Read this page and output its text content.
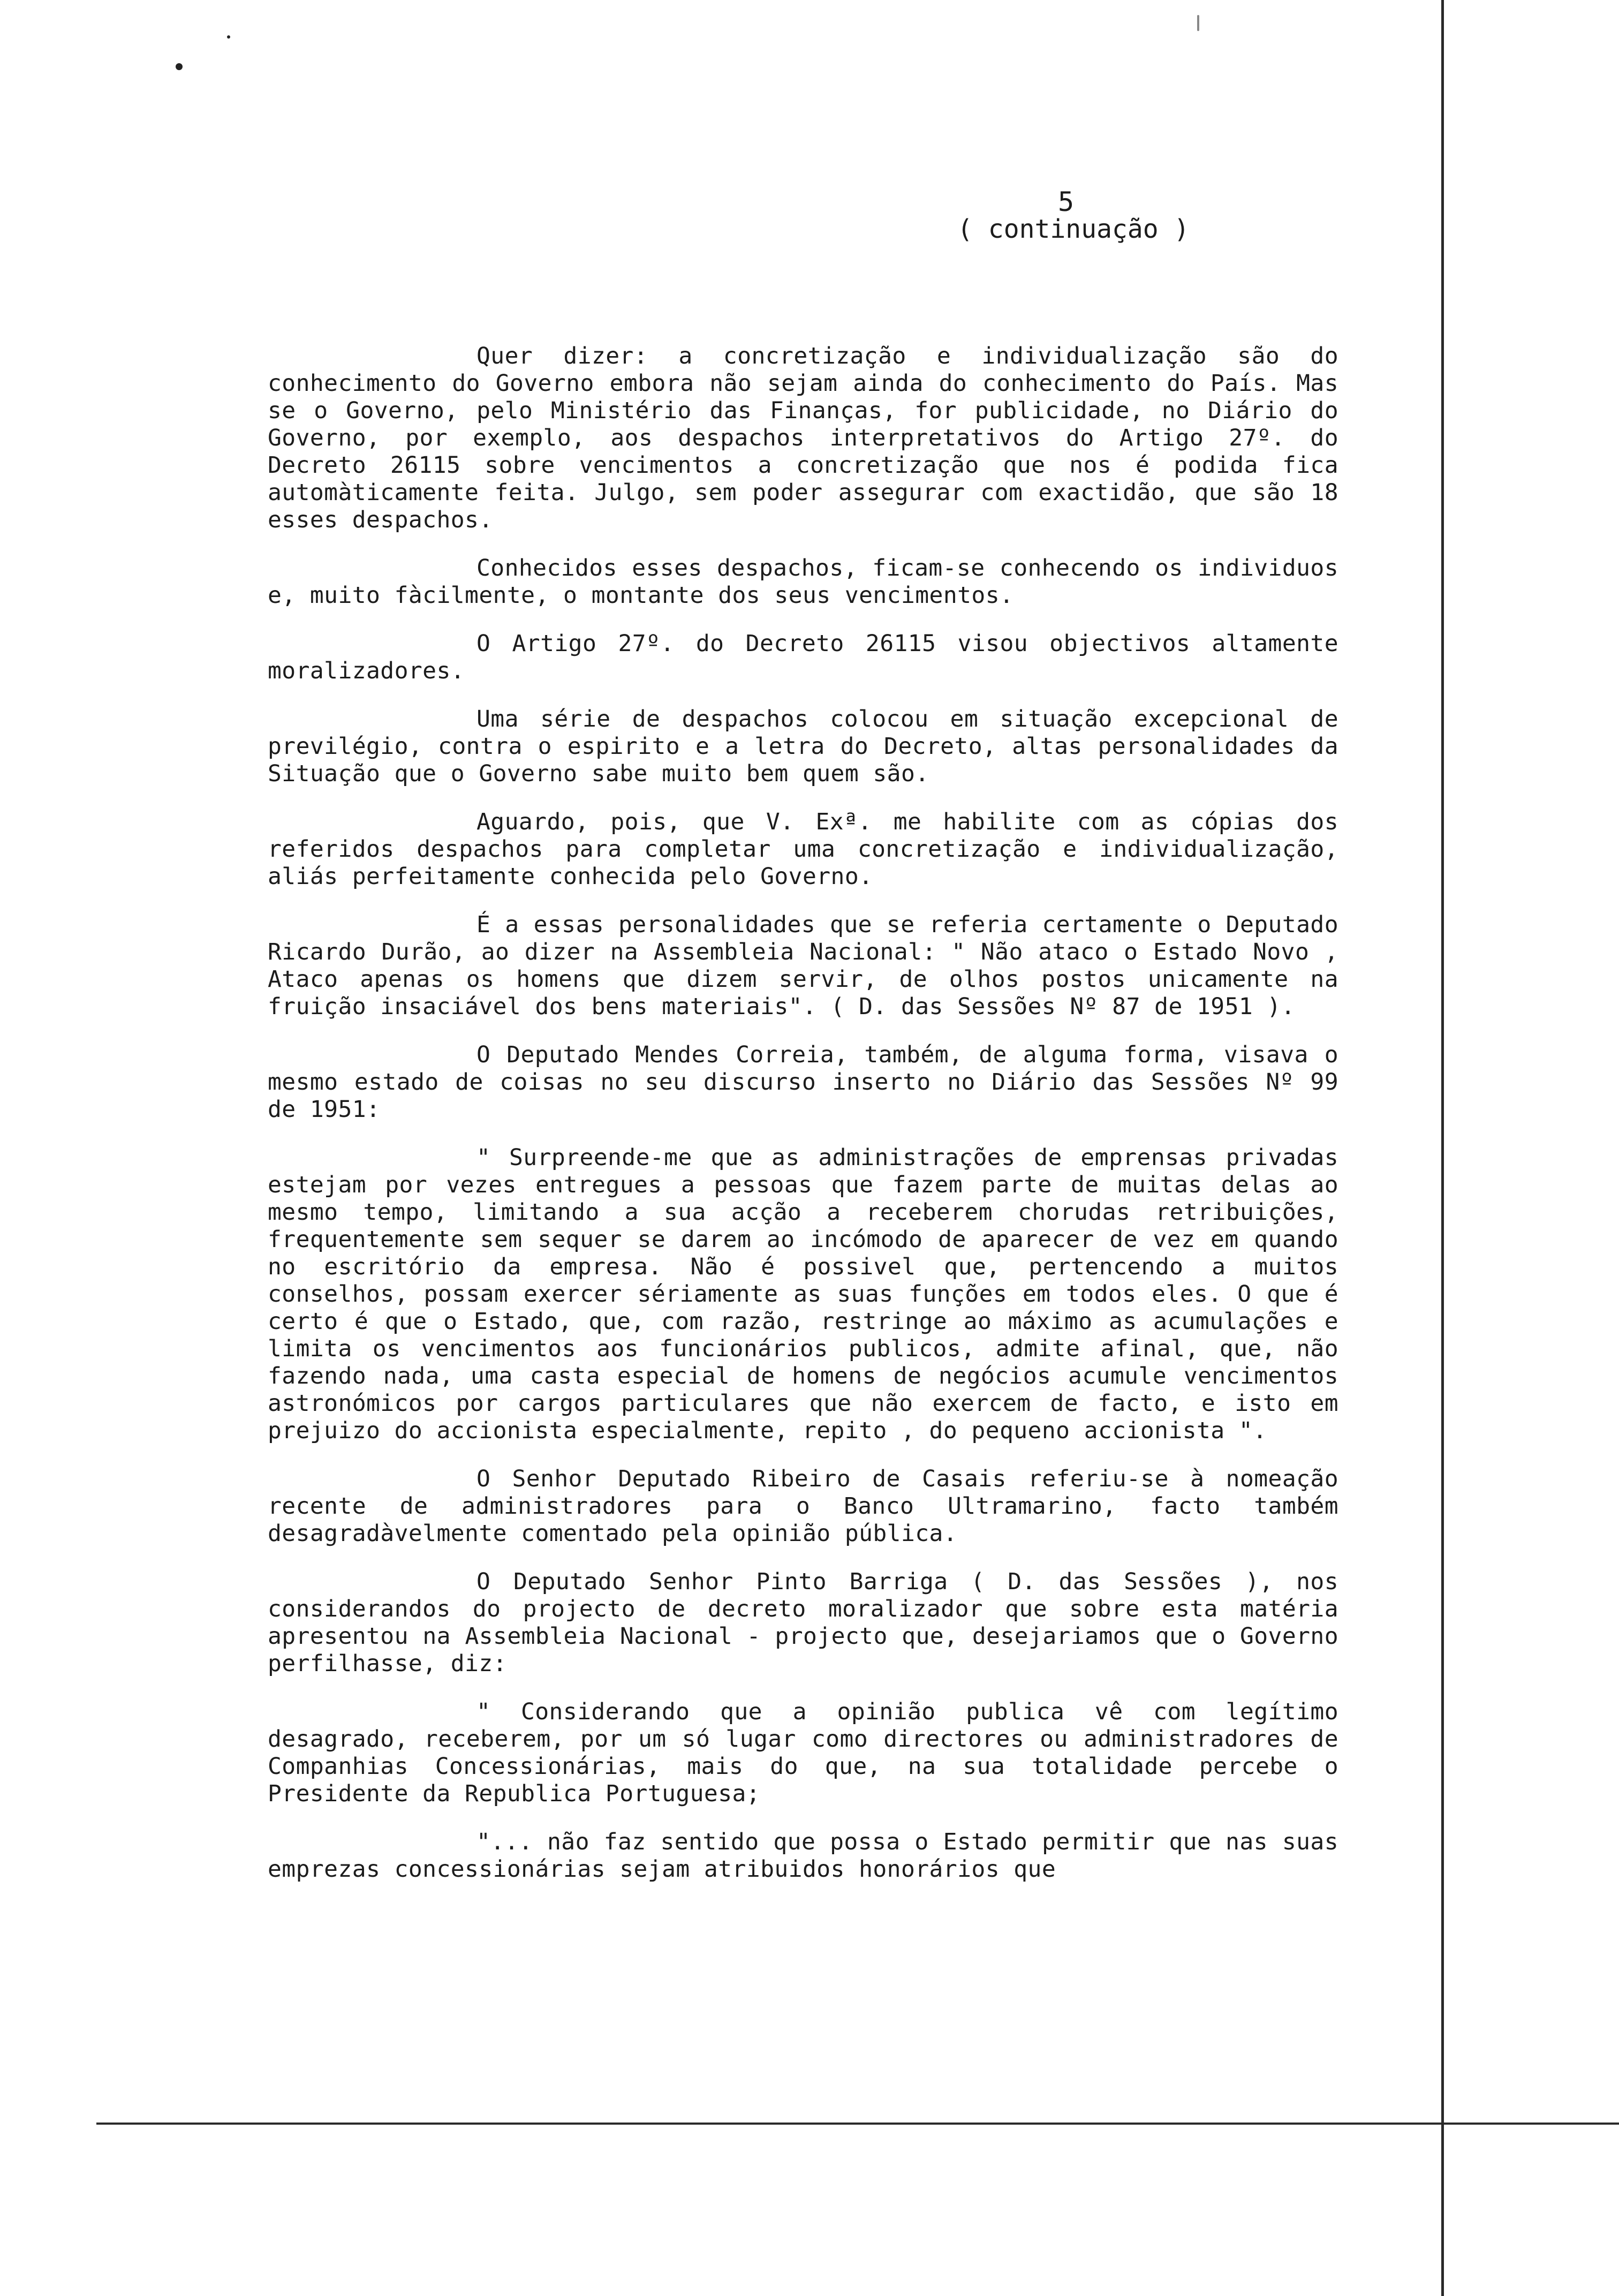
5
( continuação )

Quer dizer: a concretização e individualização são do conhecimento do Governo embora não sejam ainda do conhecimento do País. Mas se o Governo, pelo Ministério das Finanças, for publicidade, no Diário do Governo, por exemplo, aos despachos interpretativos do Artigo 27º. do Decreto 26115 sobre vencimentos a concretização que nos é podida fica automàticamente feita. Julgo, sem poder assegurar com exactidão, que são 18 esses despachos.

Conhecidos esses despachos, ficam-se conhecendo os individuos e, muito fàcilmente, o montante dos seus vencimentos.

O Artigo 27º. do Decreto 26115 visou objectivos altamente moralizadores.

Uma série de despachos colocou em situação excepcional de previlégio, contra o espirito e a letra do Decreto, altas personalidades da Situação que o Governo sabe muito bem quem são.

Aguardo, pois, que V. Exª. me habilite com as cópias dos referidos despachos para completar uma concretização e individualização, aliás perfeitamente conhecida pelo Governo.

É a essas personalidades que se referia certamente o Deputado Ricardo Durão, ao dizer na Assembleia Nacional: " Não ataco o Estado Novo , Ataco apenas os homens que dizem servir, de olhos postos unicamente na fruição insaciável dos bens materiais". ( D. das Sessões Nº 87 de 1951 ).

O Deputado Mendes Correia, também, de alguma forma, visava o mesmo estado de coisas no seu discurso inserto no Diário das Sessões Nº 99 de 1951:

" Surpreende-me que as administrações de emprensas privadas estejam por vezes entregues a pessoas que fazem parte de muitas delas ao mesmo tempo, limitando a sua acção a receberem chorudas retribuições, frequentemente sem sequer se darem ao incómodo de aparecer de vez em quando no escritório da empresa. Não é possivel que, pertencendo a muitos conselhos, possam exercer sériamente as suas funções em todos eles. O que é certo é que o Estado, que, com razão, restringe ao máximo as acumulações e limita os vencimentos aos funcionários publicos, admite afinal, que, não fazendo nada, uma casta especial de homens de negócios acumule vencimentos astronómicos por cargos particulares que não exercem de facto, e isto em prejuizo do accionista especialmente, repito , do pequeno accionista ".

O Senhor Deputado Ribeiro de Casais referiu-se à nomeação recente de administradores para o Banco Ultramarino, facto também desagradàvelmente comentado pela opinião pública.

O Deputado Senhor Pinto Barriga ( D. das Sessões ), nos considerandos do projecto de decreto moralizador que sobre esta matéria apresentou na Assembleia Nacional - projecto que, desejariamos que o Governo perfilhasse, diz:

" Considerando que a opinião publica vê com legítimo desagrado, receberem, por um só lugar como directores ou administradores de Companhias Concessionárias, mais do que, na sua totalidade percebe o Presidente da Republica Portuguesa;

"... não faz sentido que possa o Estado permitir que nas suas emprezas concessionárias sejam atribuidos honorários que
